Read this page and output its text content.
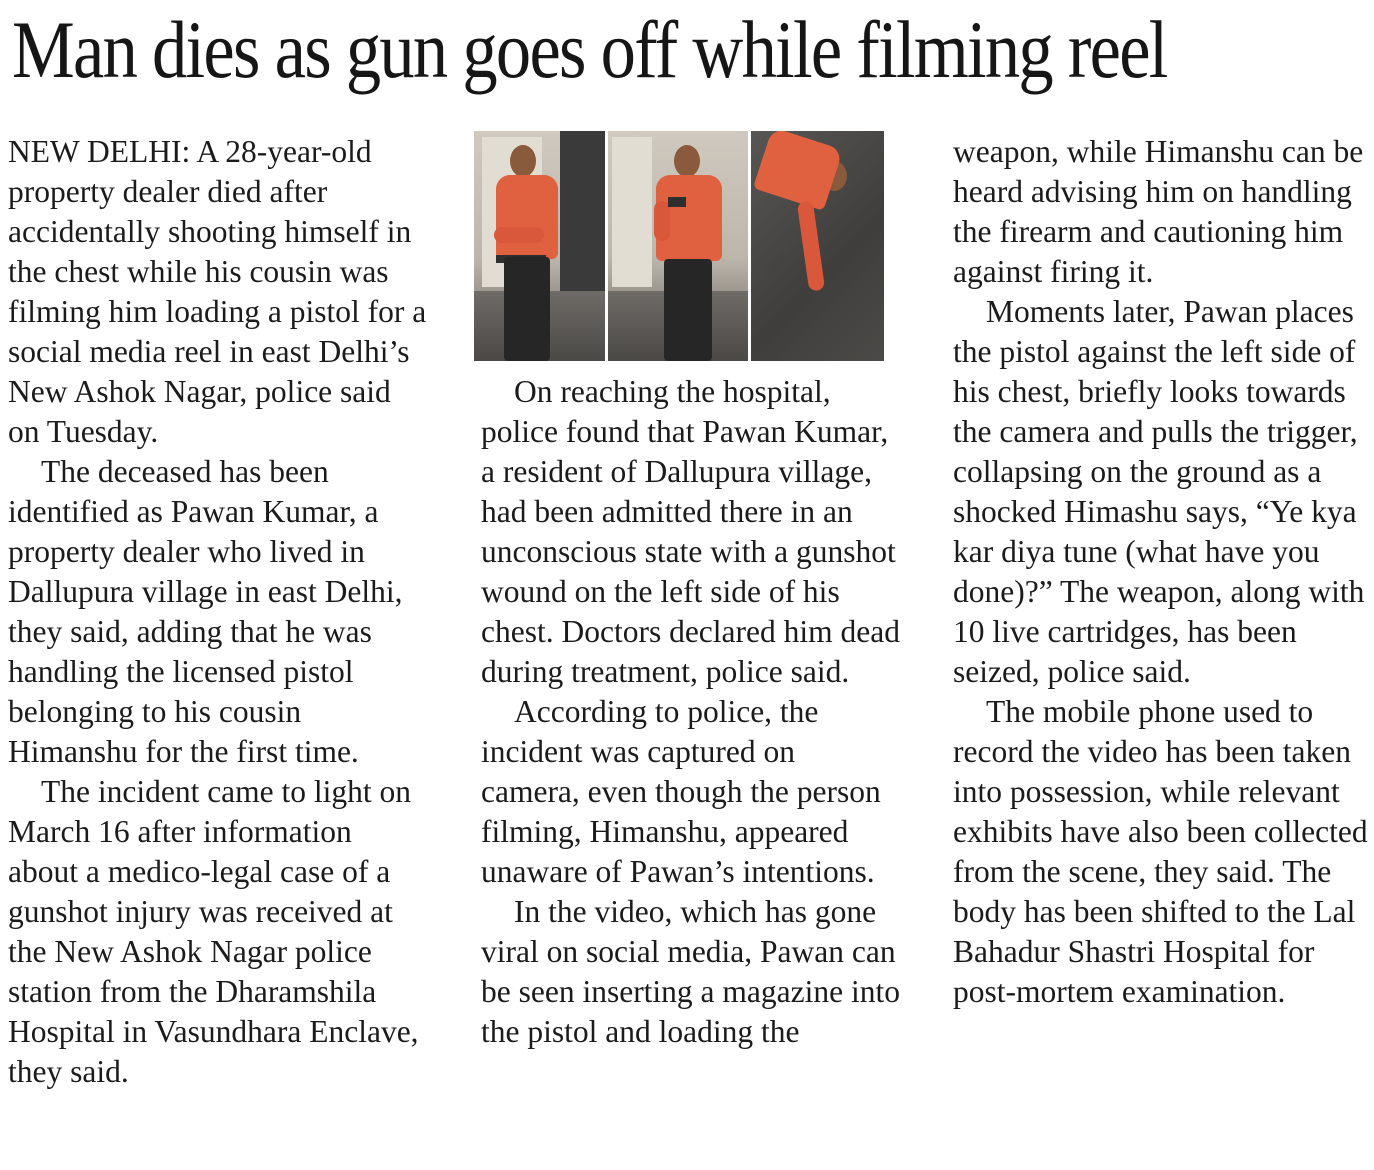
Man dies as gun goes off while filming reel

NEW DELHI: A 28-year-old property dealer died after accidentally shooting himself in the chest while his cousin was filming him loading a pistol for a social media reel in east Delhi’s New Ashok Nagar, police said on Tuesday.

The deceased has been identified as Pawan Kumar, a property dealer who lived in Dallupura village in east Delhi, they said, adding that he was handling the licensed pistol belonging to his cousin Himanshu for the first time.

The incident came to light on March 16 after information about a medico-legal case of a gunshot injury was received at the New Ashok Nagar police station from the Dharamshila Hospital in Vasundhara Enclave, they said.

On reaching the hospital, police found that Pawan Kumar, a resident of Dallupura village, had been admitted there in an unconscious state with a gunshot wound on the left side of his chest. Doctors declared him dead during treatment, police said.

According to police, the incident was captured on camera, even though the person filming, Himanshu, appeared unaware of Pawan’s intentions.

In the video, which has gone viral on social media, Pawan can be seen inserting a magazine into the pistol and loading the

weapon, while Himanshu can be heard advising him on handling the firearm and cautioning him against firing it.

Moments later, Pawan places the pistol against the left side of his chest, briefly looks towards the camera and pulls the trigger, collapsing on the ground as a shocked Himashu says, “Ye kya kar diya tune (what have you done)?” The weapon, along with 10 live cartridges, has been seized, police said.

The mobile phone used to record the video has been taken into possession, while relevant exhibits have also been collected from the scene, they said. The body has been shifted to the Lal Bahadur Shastri Hospital for post-mortem examination.
